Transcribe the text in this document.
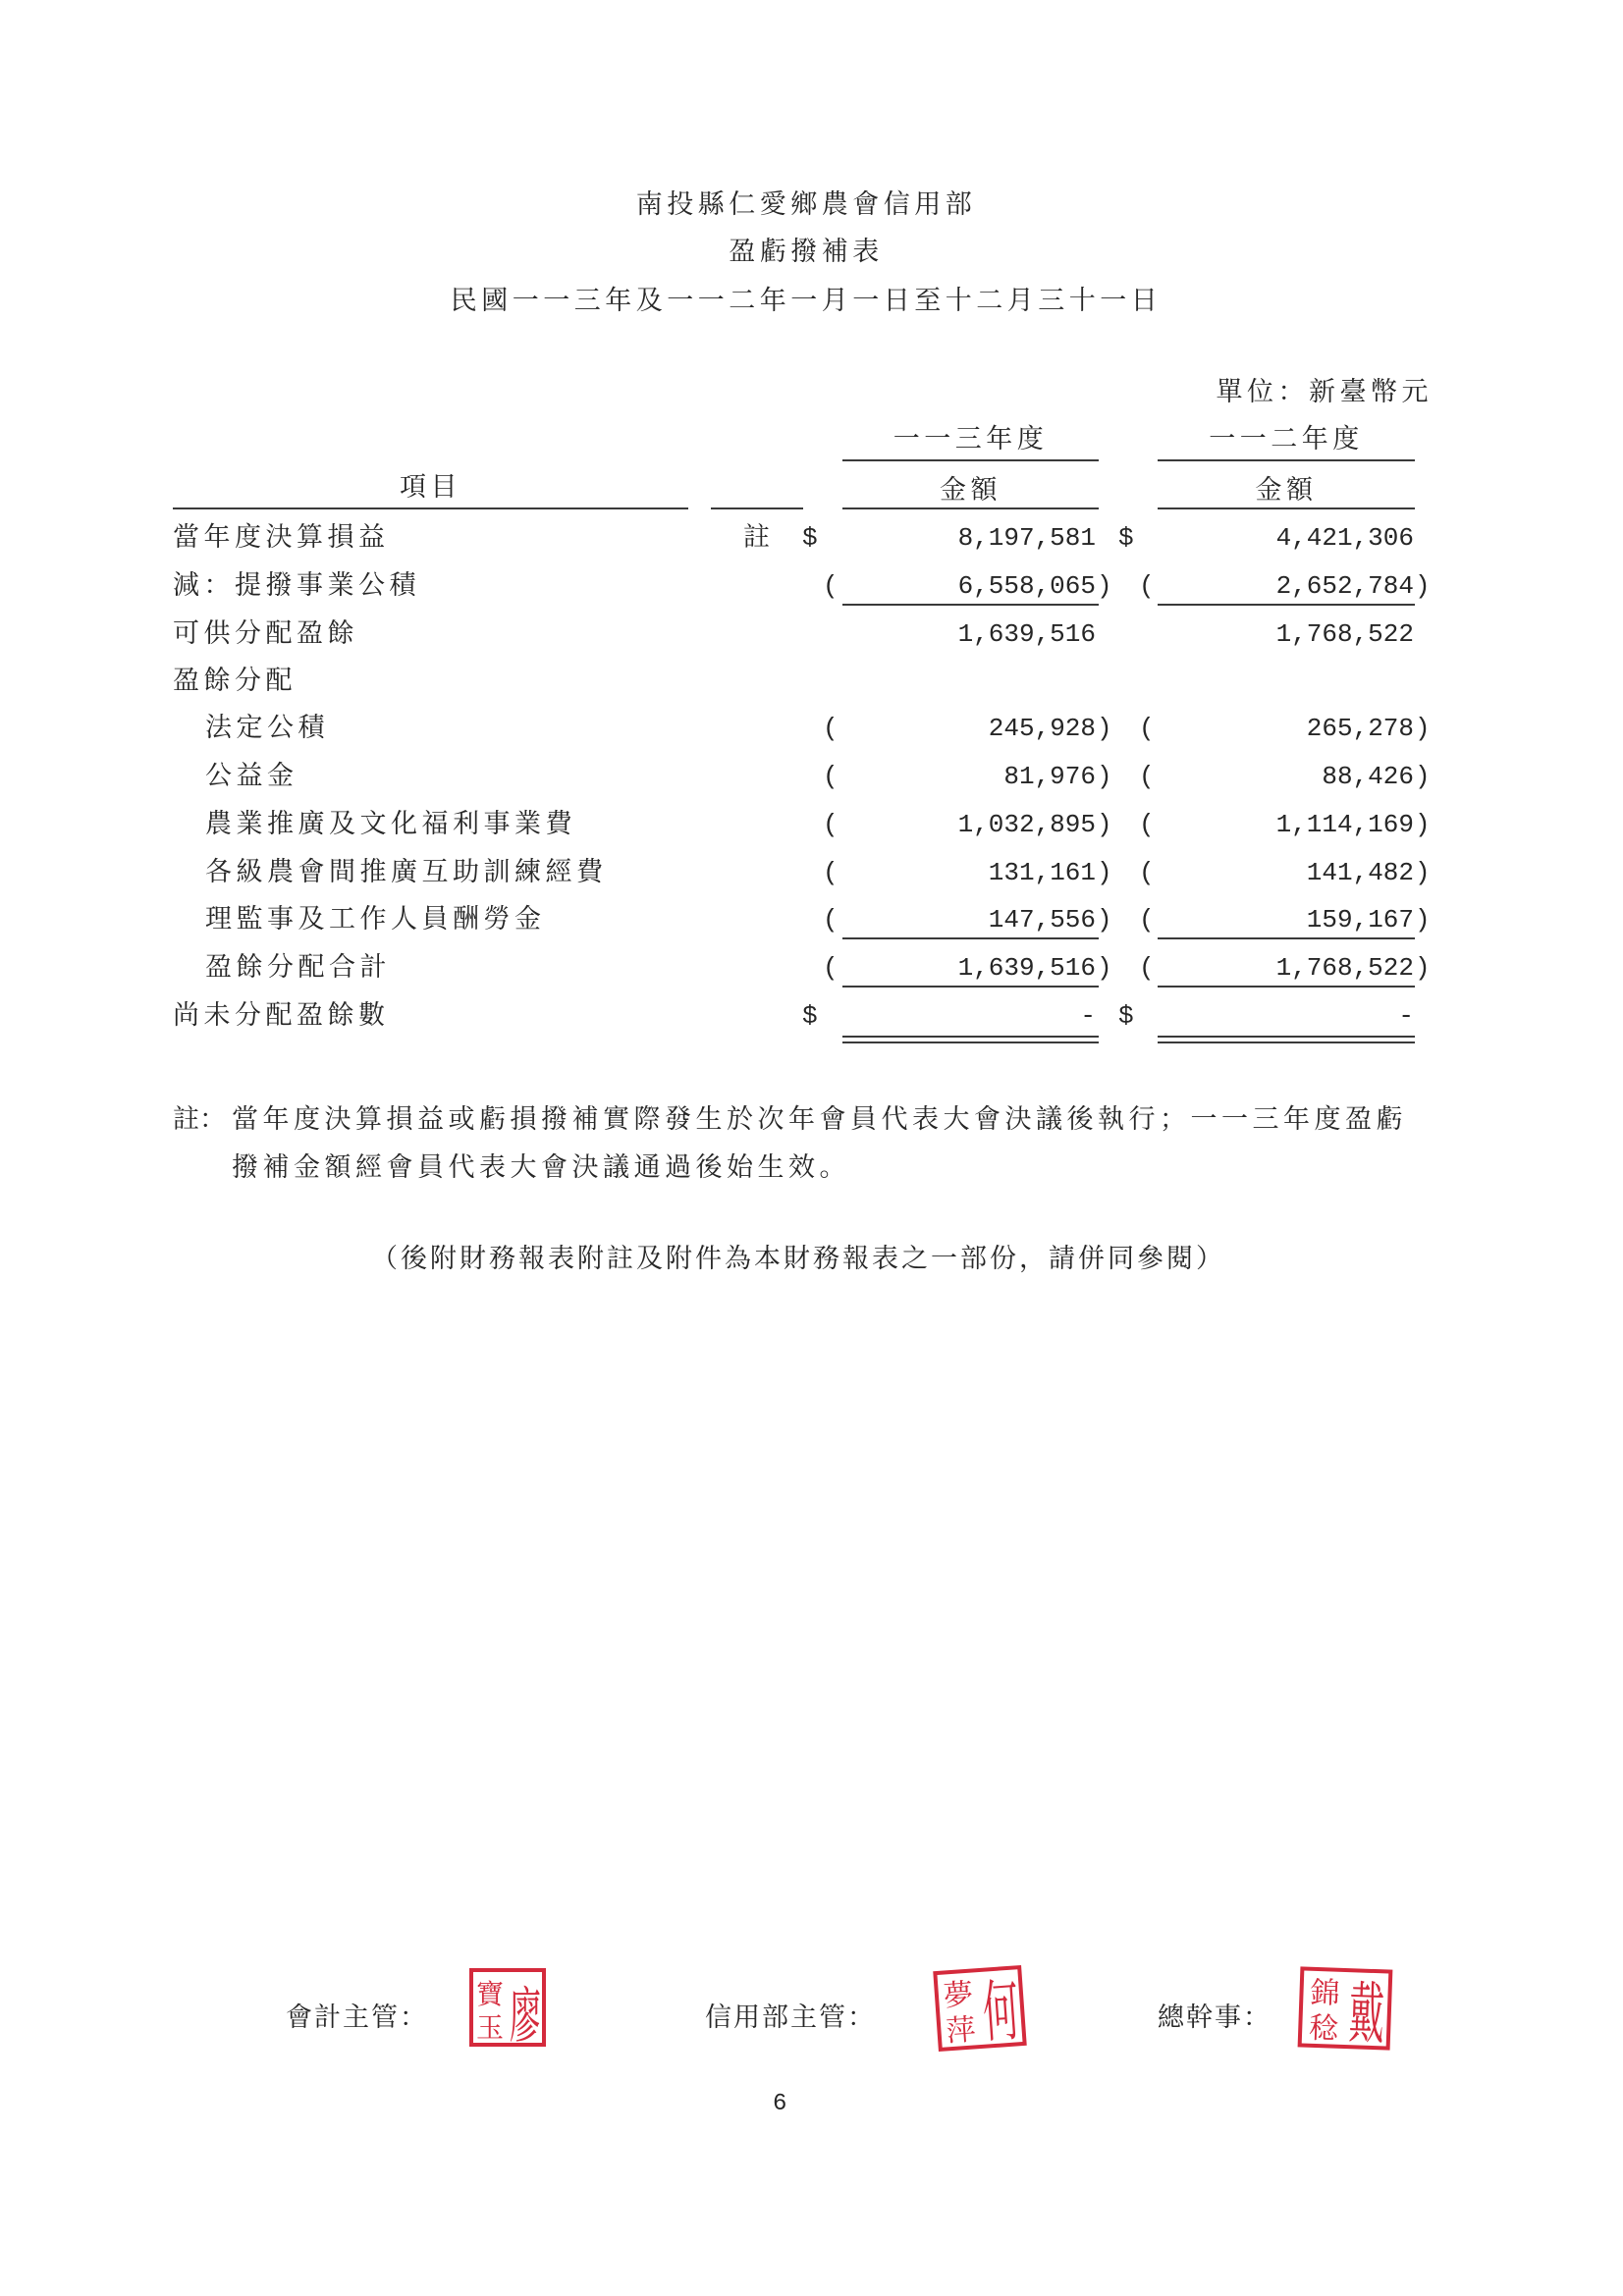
南投縣仁愛鄉農會信用部
盈虧撥補表
民國一一三年及一一二年一月一日至十二月三十一日
單位：新臺幣元
一一三年度	一一二年度
項目	金額	金額
當年度決算損益	註 $	8,197,581 $	4,421,306
減：提撥事業公積	(	6,558,065 ) (	2,652,784 )
可供分配盈餘	1,639,516	1,768,522
盈餘分配
法定公積	(	245,928 ) (	265,278 )
公益金	(	81,976 ) (	88,426 )
農業推廣及文化福利事業費	(	1,032,895 ) (	1,114,169 )
各級農會間推廣互助訓練經費	(	131,161 ) (	141,482 )
理監事及工作人員酬勞金	(	147,556 ) (	159,167 )
盈餘分配合計	(	1,639,516 ) (	1,768,522 )
尚未分配盈餘數	$	- $	-
註： 當年度決算損益或虧損撥補實際發生於次年會員代表大會決議後執行；一一三年度盈虧
撥補金額經會員代表大會決議通過後始生效。
（後附財務報表附註及附件為本財務報表之一部份，請併同參閱）
會計主管：	廖
寶
玉	信用部主管：	何
夢
萍	總幹事： 戴
錦
稔
6
